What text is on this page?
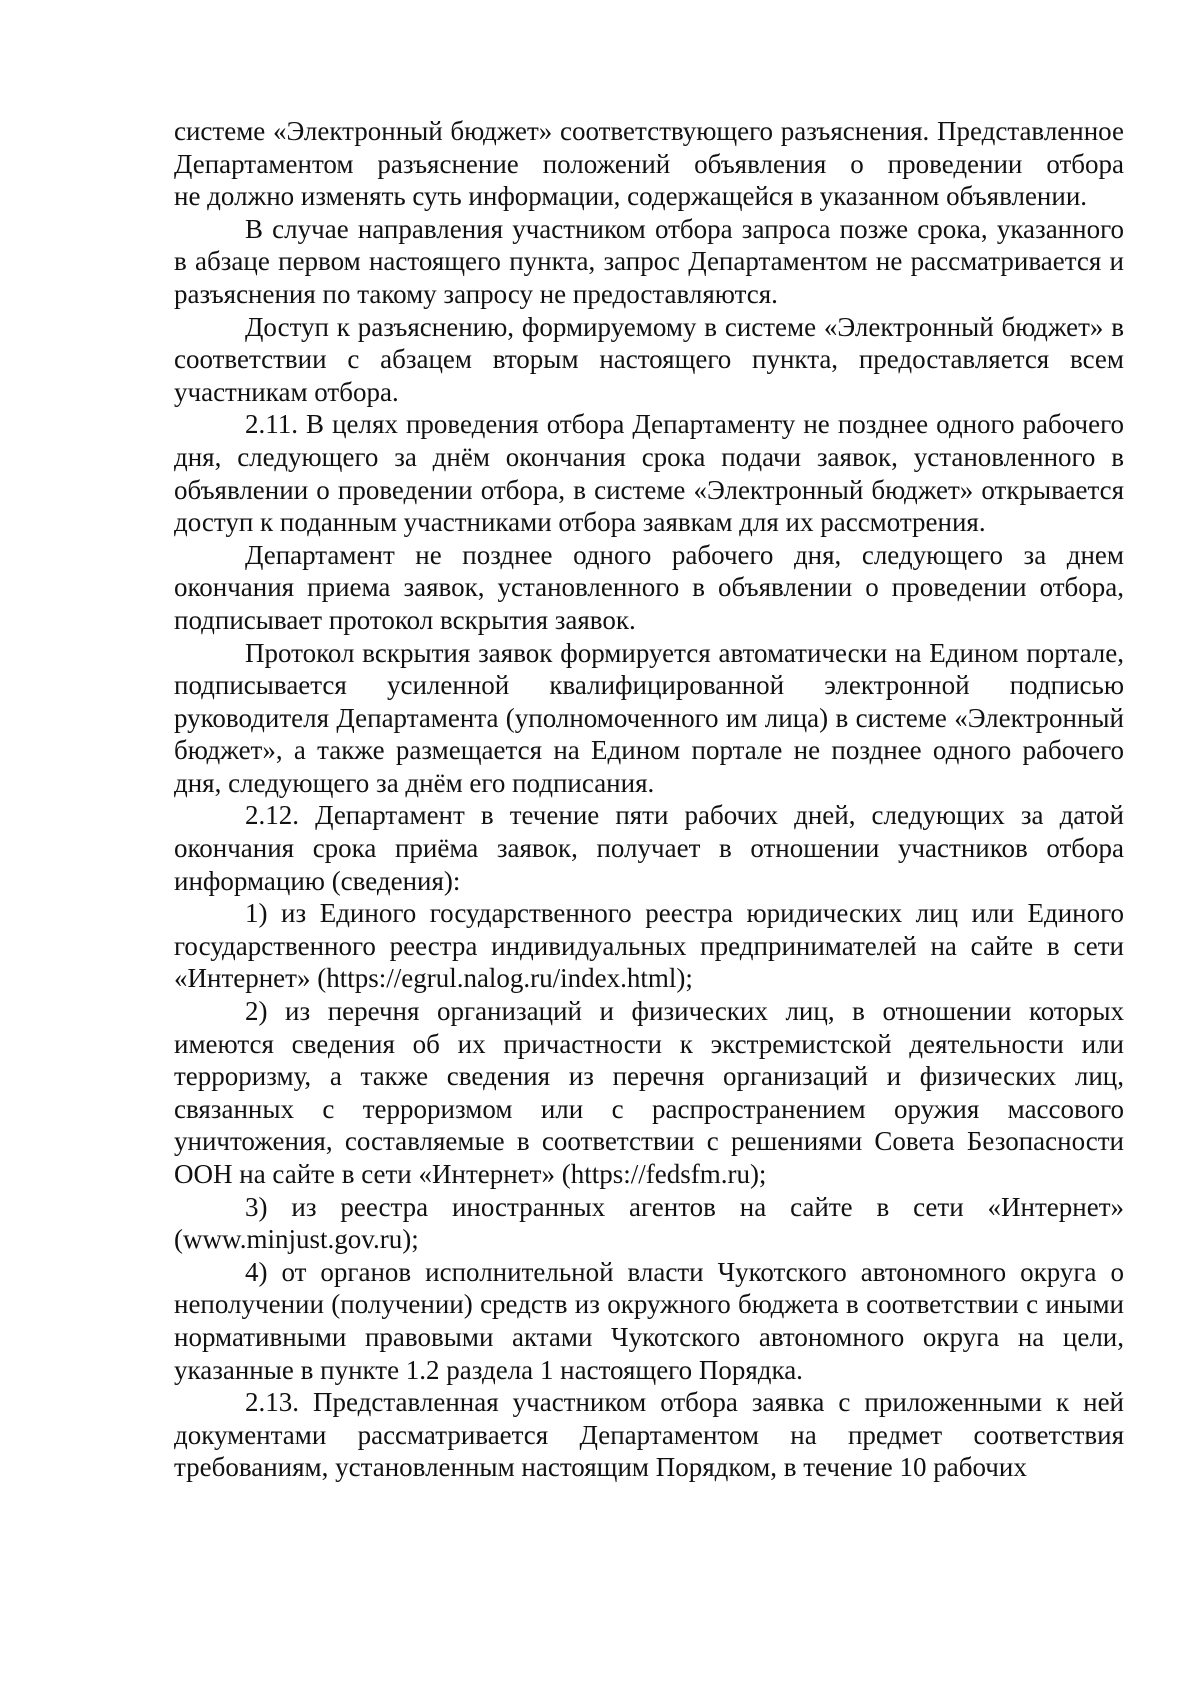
системе «Электронный бюджет» соответствующего разъяснения. Представленное Департаментом разъяснение положений объявления о проведении отбора

не должно изменять суть информации, содержащейся в указанном объявлении.

В случае направления участником отбора запроса позже срока, указанного в абзаце первом настоящего пункта, запрос Департаментом не рассматривается и разъяснения по такому запросу не предоставляются.

Доступ к разъяснению, формируемому в системе «Электронный бюджет» в соответствии с абзацем вторым настоящего пункта, предоставляется всем участникам отбора.

2.11. В целях проведения отбора Департаменту не позднее одного рабочего дня, следующего за днём окончания срока подачи заявок, установленного в объявлении о проведении отбора, в системе «Электронный бюджет» открывается доступ к поданным участниками отбора заявкам для их рассмотрения.

Департамент не позднее одного рабочего дня, следующего за днем окончания приема заявок, установленного в объявлении о проведении отбора, подписывает протокол вскрытия заявок.

Протокол вскрытия заявок формируется автоматически на Едином портале, подписывается усиленной квалифицированной электронной подписью руководителя Департамента (уполномоченного им лица) в системе «Электронный бюджет», а также размещается на Едином портале не позднее одного рабочего дня, следующего за днём его подписания.

2.12. Департамент в течение пяти рабочих дней, следующих за датой окончания срока приёма заявок, получает в отношении участников отбора информацию (сведения):

1) из Единого государственного реестра юридических лиц или Единого государственного реестра индивидуальных предпринимателей на сайте в сети «Интернет» (https://egrul.nalog.ru/index.html);

2) из перечня организаций и физических лиц, в отношении которых имеются сведения об их причастности к экстремистской деятельности или терроризму, а также сведения из перечня организаций и физических лиц, связанных с терроризмом или с распространением оружия массового уничтожения, составляемые в соответствии с решениями Совета Безопасности ООН на сайте в сети «Интернет» (https://fedsfm.ru);

3) из реестра иностранных агентов на сайте в сети «Интернет» (www.minjust.gov.ru);

4) от органов исполнительной власти Чукотского автономного округа о неполучении (получении) средств из окружного бюджета в соответствии с иными нормативными правовыми актами Чукотского автономного округа на цели, указанные в пункте 1.2 раздела 1 настоящего Порядка.

2.13. Представленная участником отбора заявка с приложенными к ней документами рассматривается Департаментом на предмет соответствия требованиям, установленным настоящим Порядком, в течение 10 рабочих
